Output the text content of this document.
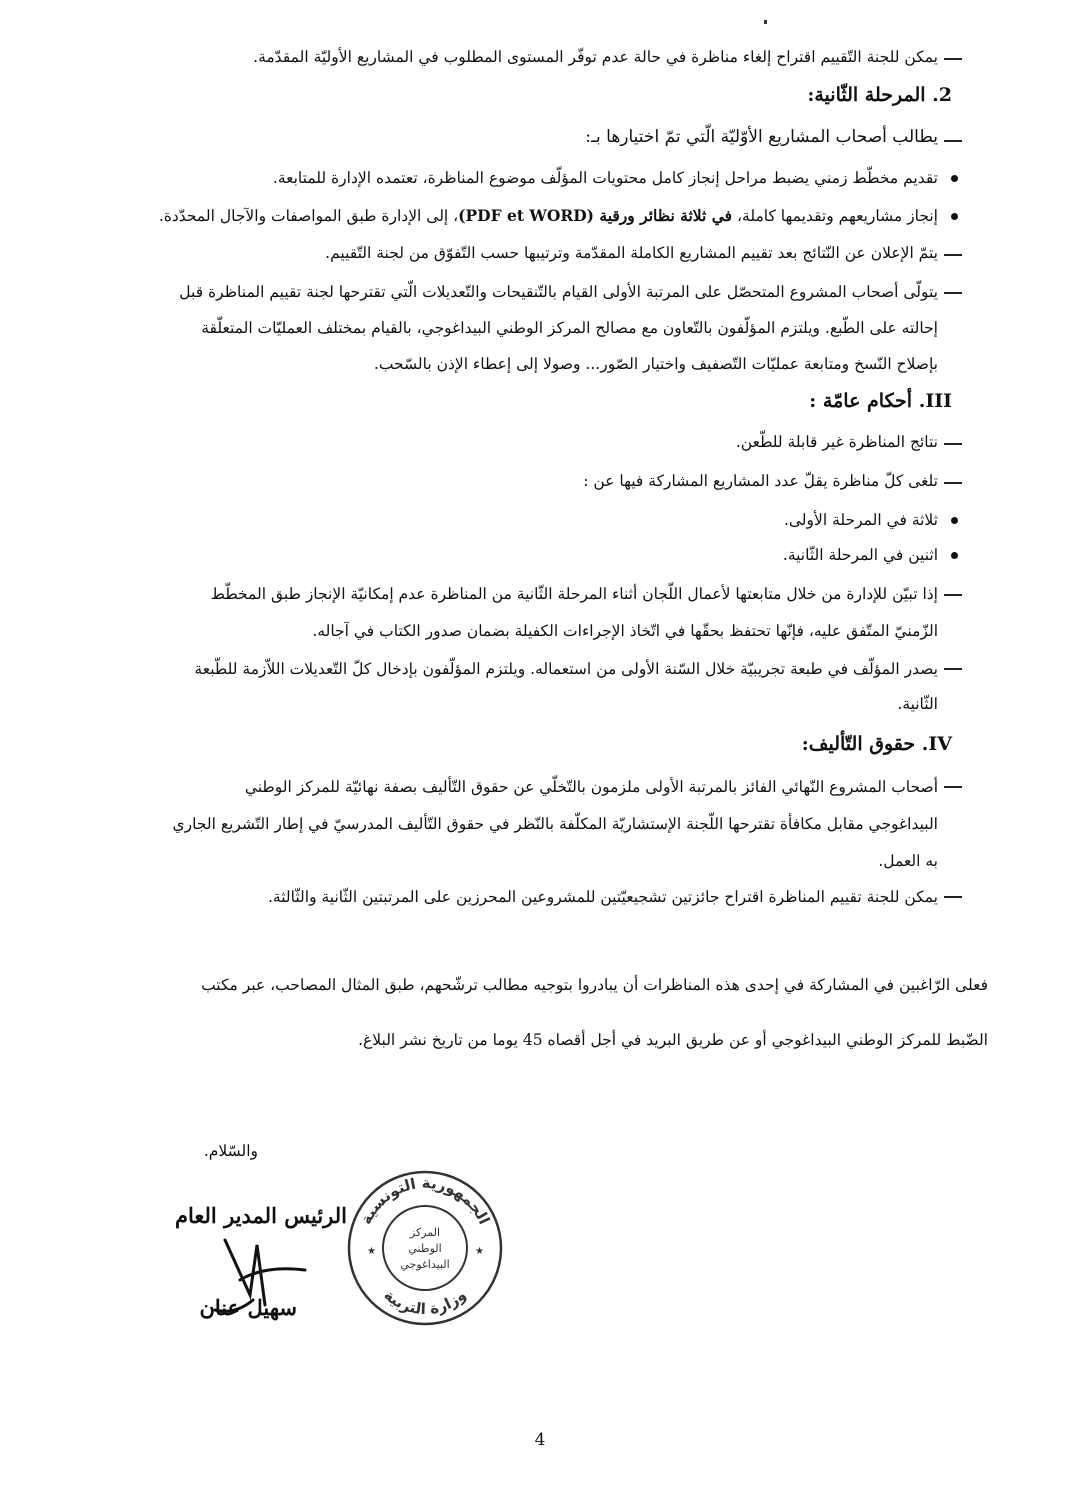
يمكن للجنة التّقييم اقتراح إلغاء مناظرة في حالة عدم توفّر المستوى المطلوب في المشاريع الأوليّة المقدّمة.
2. المرحلة الثّانية:
يطالب أصحاب المشاريع الأوّليّة الّتي تمّ اختيارها بـ:
تقديم مخطّط زمني يضبط مراحل إنجاز كامل محتويات المؤلّف موضوع المناظرة، تعتمده الإدارة للمتابعة.
إنجاز مشاريعهم وتقديمها كاملة، في ثلاثة نظائر ورقية (PDF et WORD)، إلى الإدارة طبق المواصفات والآجال المحدّدة.
يتمّ الإعلان عن النّتائج بعد تقييم المشاريع الكاملة المقدّمة وترتيبها حسب التّفوّق من لجنة التّقييم.
يتولّى أصحاب المشروع المتحصّل على المرتبة الأولى القيام بالتّنقيحات والتّعديلات الّتي تقترحها لجنة تقييم المناظرة قبل
إحالته على الطّبع. ويلتزم المؤلّفون بالتّعاون مع مصالح المركز الوطني البيداغوجي، بالقيام بمختلف العمليّات المتعلّقة
بإصلاح النّسخ ومتابعة عمليّات التّصفيف واختيار الصّور... وصولا إلى إعطاء الإذن بالسّحب.
III. أحكام عامّة :
نتائج المناظرة غير قابلة للطّعن.
تلغى كلّ مناظرة يقلّ عدد المشاريع المشاركة فيها عن :
ثلاثة في المرحلة الأولى.
اثنين في المرحلة الثّانية.
إذا تبيّن للإدارة من خلال متابعتها لأعمال اللّجان أثناء المرحلة الثّانية من المناظرة عدم إمكانيّة الإنجاز طبق المخطّط
الزّمنيّ المتّفق عليه، فإنّها تحتفظ بحقّها في اتّخاذ الإجراءات الكفيلة بضمان صدور الكتاب في آجاله.
يصدر المؤلّف في طبعة تجريبيّة خلال السّنة الأولى من استعماله. ويلتزم المؤلّفون بإدخال كلّ التّعديلات اللاّزمة للطّبعة
الثّانية.
IV. حقوق التّأليف:
أصحاب المشروع النّهائي الفائز بالمرتبة الأولى ملزمون بالتّخلّي عن حقوق التّأليف بصفة نهائيّة للمركز الوطني
البيداغوجي مقابل مكافأة تقترحها اللّجنة الإستشاريّة المكلّفة بالنّظر في حقوق التّأليف المدرسيّ في إطار التّشريع الجاري
به العمل.
يمكن للجنة تقييم المناظرة اقتراح جائزتين تشجيعيّتين للمشروعين المحرزين على المرتبتين الثّانية والثّالثة.
فعلى الرّاغبين في المشاركة في إحدى هذه المناظرات أن يبادروا بتوجيه مطالب ترشّحهم، طبق المثال المصاحب، عبر مكتب
الضّبط للمركز الوطني البيداغوجي أو عن طريق البريد في أجل أقصاه 45 يوما من تاريخ نشر البلاغ.
والسّلام.
الرئيس المدير العام
سهيل عنان
الجمهورية التونسية
وزارة التربية
المركز
الوطني
البيداغوجي
★	★
4
